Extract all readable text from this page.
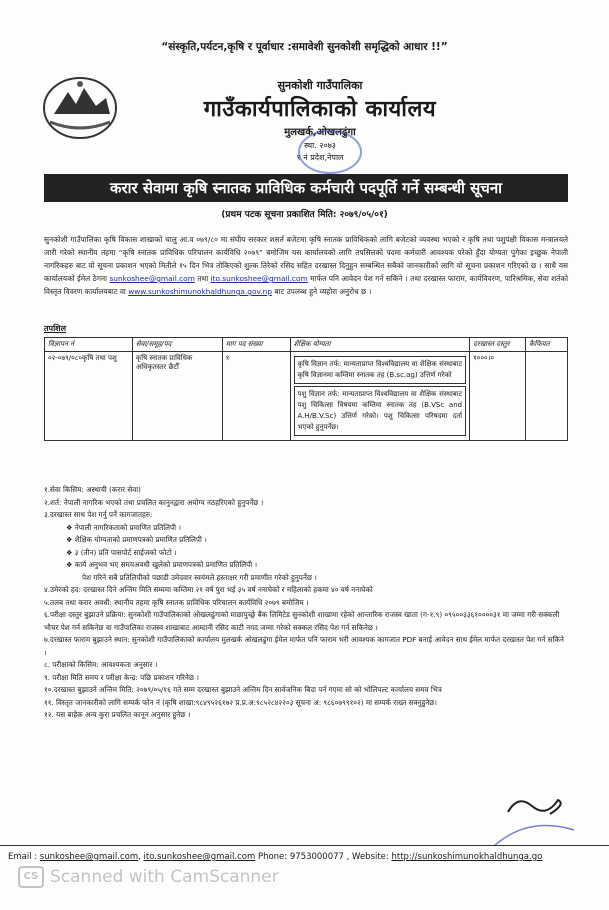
“संस्कृति,पर्यटन,कृषि र पूर्वाधार :समावेशी सुनकोशी समृद्धिको आधार !!”
सुनकोशी गाउँपालिका
गाउँकार्यपालिकाको कार्यालय
मुलखर्क,ओखलढुंगा
स्था. २०७३
१ नं प्रदेश,नेपाल
करार सेवामा कृषि स्नातक प्राविधिक कर्मचारी पदपूर्ति गर्ने सम्बन्धी सूचना
(प्रथम पटक सूचना प्रकाशित मिति: २०७९/०५/०१)
सुनकोशी गाउँपालिका कृषि विकास शाखाको चालु आ.व ०७९/८० मा संघीय सरकार शसर्त बजेटमा कृषि स्नातक प्राविधिकको लागि बजेटको व्यवस्था भएको र कृषि तथा पशुपंक्षी विकास मन्त्रालयले जारी गरेको स्थानीय तहमा “कृषि स्नातक प्राविधिक परिचालन कार्यविधि २०७९” बमोजिम यस कार्यालयको लागि तपसिलको पदमा कर्मचारी आवश्यक परेको हुँदा योग्यता पुगेका इच्छुक नेपाली नागरिकहरु बाट यो सूचना प्रकाशन भएको मितीले १५ दिन भित्र तोकिएको शुल्क तिरेको रसिद सहित दरखास्त दिनुहुन सम्बन्धित सबैको जानकारीको लागि यो सूचना प्रकाशन गरिएको छ । साथै यस कार्यालयको ईमेल ठेगना sunkoshee@gmail.com तथा ito.sunkoshee@gmail.com मार्फत पनि आवेदन पेश गर्न सकिने । तथा दरखास्त फाराम, कार्यविवरण, पारिश्रमिक, सेवा शर्तको विस्तृत विवरण कार्यालयबाट वा www.sunkoshimunokhaldhunga.gov.np बाट उपलब्ध हुने व्यहोरा अनुरोध छ ।
तपशिल
विज्ञापन नं	सेवा/समूह/पद	माग पद संख्या	शैक्षिक योग्यता	दरखास्त दस्तुर	कैफियत
०२-०७९/०८०कृषि तथा पशु	कृषि स्नातक प्राविधिक अधिकृतस्तर छैटौँ	१	कृषि विज्ञान तर्फ: मान्यताप्राप्त विश्वविद्यालय वा शैक्षिक संस्थाबाट कृषि विज्ञानमा कम्तिमा स्नातक तह (B.sc.ag) उत्तिर्ण गरेको
पशु विज्ञान तर्फ: मान्यताप्राप्त विश्वविद्यालय वा शैक्षिक संस्थाबाट पशु चिकित्सा विषयमा कम्तिमा स्नातक तह (B.VSc and A.H/B.V.Sc) उत्तिर्ण गरेको। पशु चिकित्सा परिषदमा दर्ता भएको हुनुपर्नेछ।	१०००।०	
१.सेवा किसिम: अस्थायी (करार सेवा)
२.शर्त: नेपाली नागरिक भएको तथा प्रचलित कानुनद्वारा अयोग्य नठहरिएको हुनुपर्नेछ ।
३.दरखास्त साथ पेश गर्नु पर्ने कागजातहरु:
❖ नेपाली नागरिकताको प्रमाणित प्रतिलिपी ।
❖ शैक्षिक योग्यताको प्रमाणपत्रको प्रमाणित प्रतिलिपी ।
❖ ३ (तीन) प्रति पासपोर्ट साईजको फोटो ।
❖ कार्य अनुभव भए समयअवधी खुलेको प्रमाणपत्रको प्रमाणित प्रतिलिपी ।
पेश गरिने सबै प्रतिलिपीको पछाडी उमेदवार स्वयंमले हस्ताक्षर गरी प्रमाणीत गरेको हुनुपर्नेछ ।
४.उमेरको हद: दरखास्त दिने अन्तिम मिति सम्ममा कम्तिमा २१ वर्ष पुरा भई ३५ वर्ष ननाघेको र महिलाको हकमा ४० वर्ष ननाघेको
५.तलब तथा करार अवधी: स्थानीय तहमा कृषि स्नातक प्राविधिक परिचालन कार्यविधि २०७९ बमोजिम ।
६.परीक्षा दस्तुर बुझाउने प्रक्रिया: सुनकोशी गाउँपालिकाको ओखलढुंगाको माछापुच्छ्रे बैंक लिमिटेड सुनकोशी शाखामा रहेको आन्तारिक राजस्व खाता (ग-१.९) ०९५००३३६१००००३१ मा जम्मा गरी सक्कली भौचर पेश गर्न सकिनेछ वा गाउँपालिका राजस्व शाखाबाट आम्दानी रसिद काटी नगद जम्मा गरेको सक्कल रसिद पेश गर्न सकिनेछ ।
७.दरखास्त फाराम बुझाउने स्थान: सुनकोशी गाउँपालिकाको कार्यालय मुलखर्क ओखलढुंगा ईमेल मार्फत पनि फाराम भरी आवश्यक कागजात PDF बनाई आवेदन साथ ईमेल मार्फत दरखास्त पेश गर्न सकिने ।
८. परीक्षाको किसिम: आवश्यकता अनुसार ।
९. परीक्षा मिति समय र परीक्षा केन्द्र: पछि प्रकाशन गरिनेछ ।
१०.दरखास्त बुझाउने अन्तिम मिति: २०७९/०५/१६ गते सम्म दरखास्त बुझाउने अन्तिम दिन सार्वजनिक बिदा पर्न गएमा सो को भोलिपल्ट कार्यालय समय भित्र
११. विस्तृत जानकारीको लागि सम्पर्क फोन नं (कृषि शाखा:९८४९५२६१७२ प्र.प्र.अ:९८५२८४२२०३ सूचना अ: ९८६०७९९१०२) मा सम्पर्क राख्न सक्नुहुनेछ।
१२. यस बाहेक अन्य कुरा प्रचलित कानून अनुसार हुनेछ ।
Email : sunkoshee@gmail.com, ito.sunkoshee@gmail.com Phone: 9753000077 , Website: http://sunkoshimunokhaldhunga.go
CS Scanned with CamScanner
